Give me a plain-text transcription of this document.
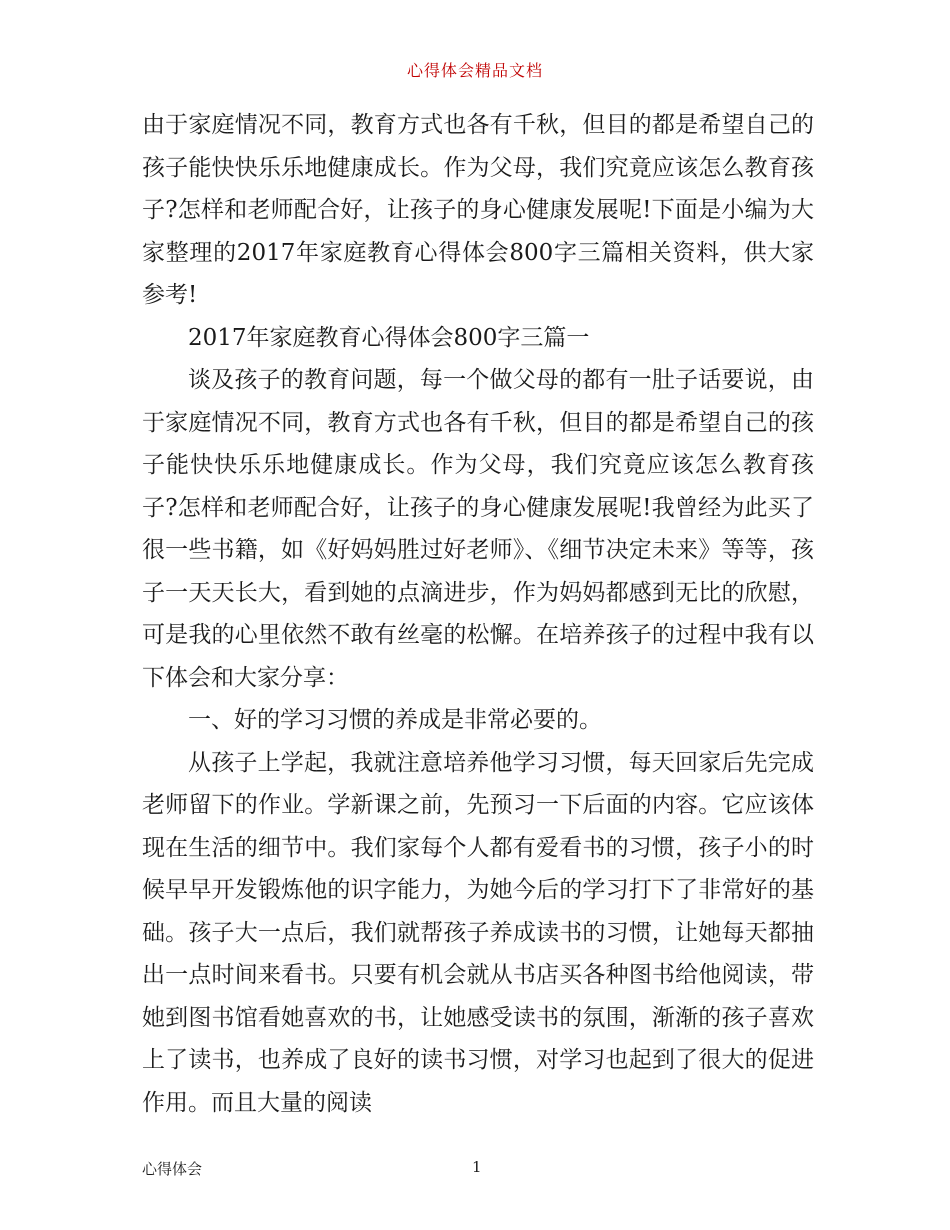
心得体会精品文档

由于家庭情况不同，教育方式也各有千秋，但目的都是希望自己的孩子能快快乐乐地健康成长。作为父母，我们究竟应该怎么教育孩子?怎样和老师配合好，让孩子的身心健康发展呢!下面是小编为大家整理的2017年家庭教育心得体会800字三篇相关资料，供大家参考!

2017年家庭教育心得体会800字三篇一

谈及孩子的教育问题，每一个做父母的都有一肚子话要说，由于家庭情况不同，教育方式也各有千秋，但目的都是希望自己的孩子能快快乐乐地健康成长。作为父母，我们究竟应该怎么教育孩子?怎样和老师配合好，让孩子的身心健康发展呢!我曾经为此买了很一些书籍，如《好妈妈胜过好老师》、《细节决定未来》等等，孩子一天天长大，看到她的点滴进步，作为妈妈都感到无比的欣慰，可是我的心里依然不敢有丝毫的松懈。在培养孩子的过程中我有以下体会和大家分享：

一、好的学习习惯的养成是非常必要的。

从孩子上学起，我就注意培养他学习习惯，每天回家后先完成老师留下的作业。学新课之前，先预习一下后面的内容。它应该体现在生活的细节中。我们家每个人都有爱看书的习惯，孩子小的时候早早开发锻炼他的识字能力，为她今后的学习打下了非常好的基础。孩子大一点后，我们就帮孩子养成读书的习惯，让她每天都抽出一点时间来看书。只要有机会就从书店买各种图书给他阅读，带她到图书馆看她喜欢的书，让她感受读书的氛围，渐渐的孩子喜欢上了读书，也养成了良好的读书习惯，对学习也起到了很大的促进作用。而且大量的阅读

心得体会	1
